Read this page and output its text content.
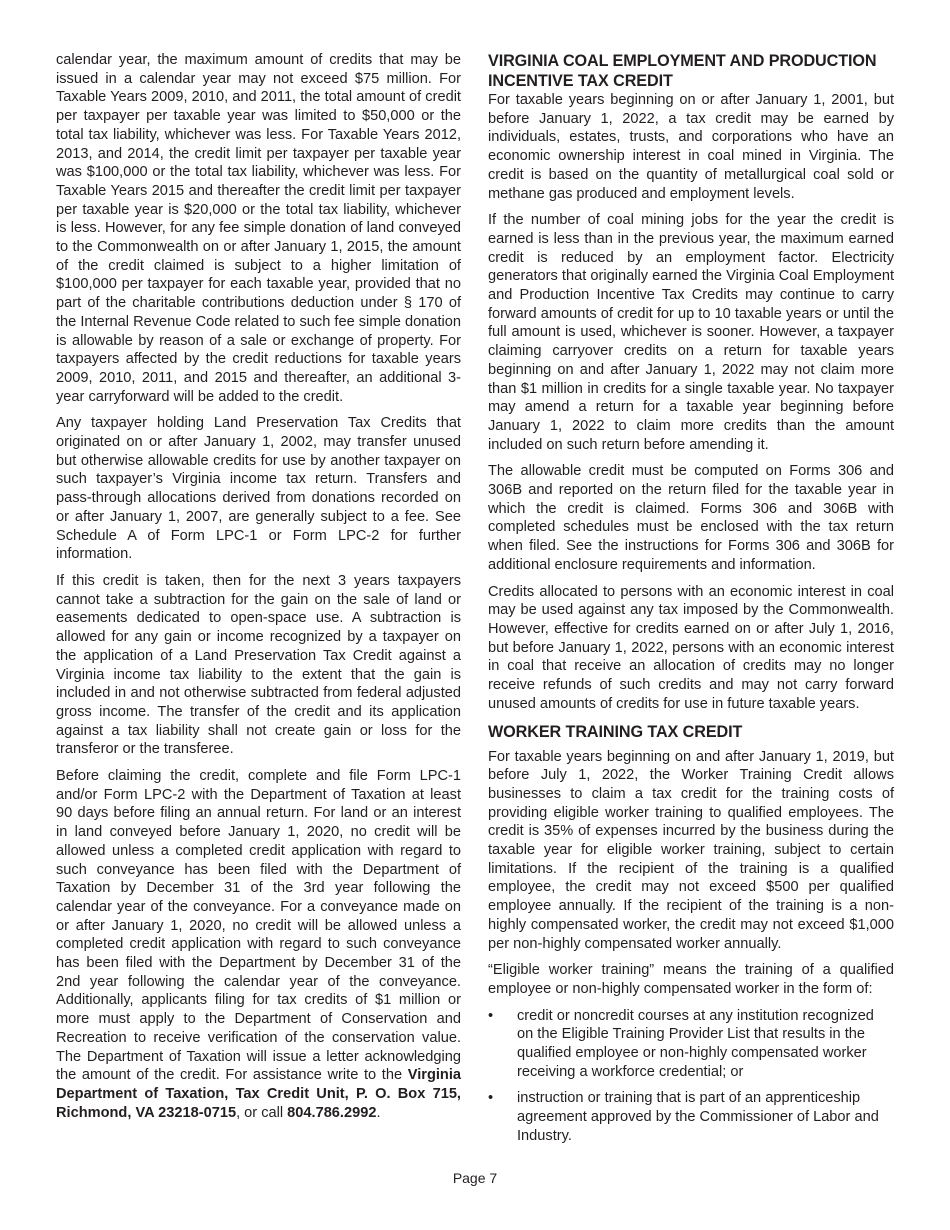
calendar year, the maximum amount of credits that may be issued in a calendar year may not exceed $75 million. For Taxable Years 2009, 2010, and 2011, the total amount of credit per taxpayer per taxable year was limited to $50,000 or the total tax liability, whichever was less. For Taxable Years 2012, 2013, and 2014, the credit limit per taxpayer per taxable year was $100,000 or the total tax liability, whichever was less. For Taxable Years 2015 and thereafter the credit limit per taxpayer per taxable year is $20,000 or the total tax liability, whichever is less. However, for any fee simple donation of land conveyed to the Commonwealth on or after January 1, 2015, the amount of the credit claimed is subject to a higher limitation of $100,000 per taxpayer for each taxable year, provided that no part of the charitable contributions deduction under § 170 of the Internal Revenue Code related to such fee simple donation is allowable by reason of a sale or exchange of property. For taxpayers affected by the credit reductions for taxable years 2009, 2010, 2011, and 2015 and thereafter, an additional 3-year carryforward will be added to the credit.

Any taxpayer holding Land Preservation Tax Credits that originated on or after January 1, 2002, may transfer unused but otherwise allowable credits for use by another taxpayer on such taxpayer’s Virginia income tax return. Transfers and pass-through allocations derived from donations recorded on or after January 1, 2007, are generally subject to a fee. See Schedule A of Form LPC-1 or Form LPC-2 for further information.

If this credit is taken, then for the next 3 years taxpayers cannot take a subtraction for the gain on the sale of land or easements dedicated to open-space use. A subtraction is allowed for any gain or income recognized by a taxpayer on the application of a Land Preservation Tax Credit against a Virginia income tax liability to the extent that the gain is included in and not otherwise subtracted from federal adjusted gross income. The transfer of the credit and its application against a tax liability shall not create gain or loss for the transferor or the transferee.

Before claiming the credit, complete and file Form LPC-1 and/or Form LPC-2 with the Department of Taxation at least 90 days before filing an annual return. For land or an interest in land conveyed before January 1, 2020, no credit will be allowed unless a completed credit application with regard to such conveyance has been filed with the Department of Taxation by December 31 of the 3rd year following the calendar year of the conveyance. For a conveyance made on or after January 1, 2020, no credit will be allowed unless a completed credit application with regard to such conveyance has been filed with the Department by December 31 of the 2nd year following the calendar year of the conveyance. Additionally, applicants filing for tax credits of $1 million or more must apply to the Department of Conservation and Recreation to receive verification of the conservation value. The Department of Taxation will issue a letter acknowledging the amount of the credit. For assistance write to the Virginia Department of Taxation, Tax Credit Unit, P. O. Box 715, Richmond, VA 23218-0715, or call 804.786.2992.

VIRGINIA COAL EMPLOYMENT AND PRODUCTION INCENTIVE TAX CREDIT

For taxable years beginning on or after January 1, 2001, but before January 1, 2022, a tax credit may be earned by individuals, estates, trusts, and corporations who have an economic ownership interest in coal mined in Virginia. The credit is based on the quantity of metallurgical coal sold or methane gas produced and employment levels.

If the number of coal mining jobs for the year the credit is earned is less than in the previous year, the maximum earned credit is reduced by an employment factor. Electricity generators that originally earned the Virginia Coal Employment and Production Incentive Tax Credits may continue to carry forward amounts of credit for up to 10 taxable years or until the full amount is used, whichever is sooner. However, a taxpayer claiming carryover credits on a return for taxable years beginning on and after January 1, 2022 may not claim more than $1 million in credits for a single taxable year. No taxpayer may amend a return for a taxable year beginning before January 1, 2022 to claim more credits than the amount included on such return before amending it.

The allowable credit must be computed on Forms 306 and 306B and reported on the return filed for the taxable year in which the credit is claimed. Forms 306 and 306B with completed schedules must be enclosed with the tax return when filed. See the instructions for Forms 306 and 306B for additional enclosure requirements and information.

Credits allocated to persons with an economic interest in coal may be used against any tax imposed by the Commonwealth. However, effective for credits earned on or after July 1, 2016, but before January 1, 2022, persons with an economic interest in coal that receive an allocation of credits may no longer receive refunds of such credits and may not carry forward unused amounts of credits for use in future taxable years.

WORKER TRAINING TAX CREDIT

For taxable years beginning on and after January 1, 2019, but before July 1, 2022, the Worker Training Credit allows businesses to claim a tax credit for the training costs of providing eligible worker training to qualified employees. The credit is 35% of expenses incurred by the business during the taxable year for eligible worker training, subject to certain limitations. If the recipient of the training is a qualified employee, the credit may not exceed $500 per qualified employee annually. If the recipient of the training is a non-highly compensated worker, the credit may not exceed $1,000 per non-highly compensated worker annually.

“Eligible worker training” means the training of a qualified employee or non-highly compensated worker in the form of:

• credit or noncredit courses at any institution recognized on the Eligible Training Provider List that results in the qualified employee or non-highly compensated worker receiving a workforce credential; or
• instruction or training that is part of an apprenticeship agreement approved by the Commissioner of Labor and Industry.
Page 7
